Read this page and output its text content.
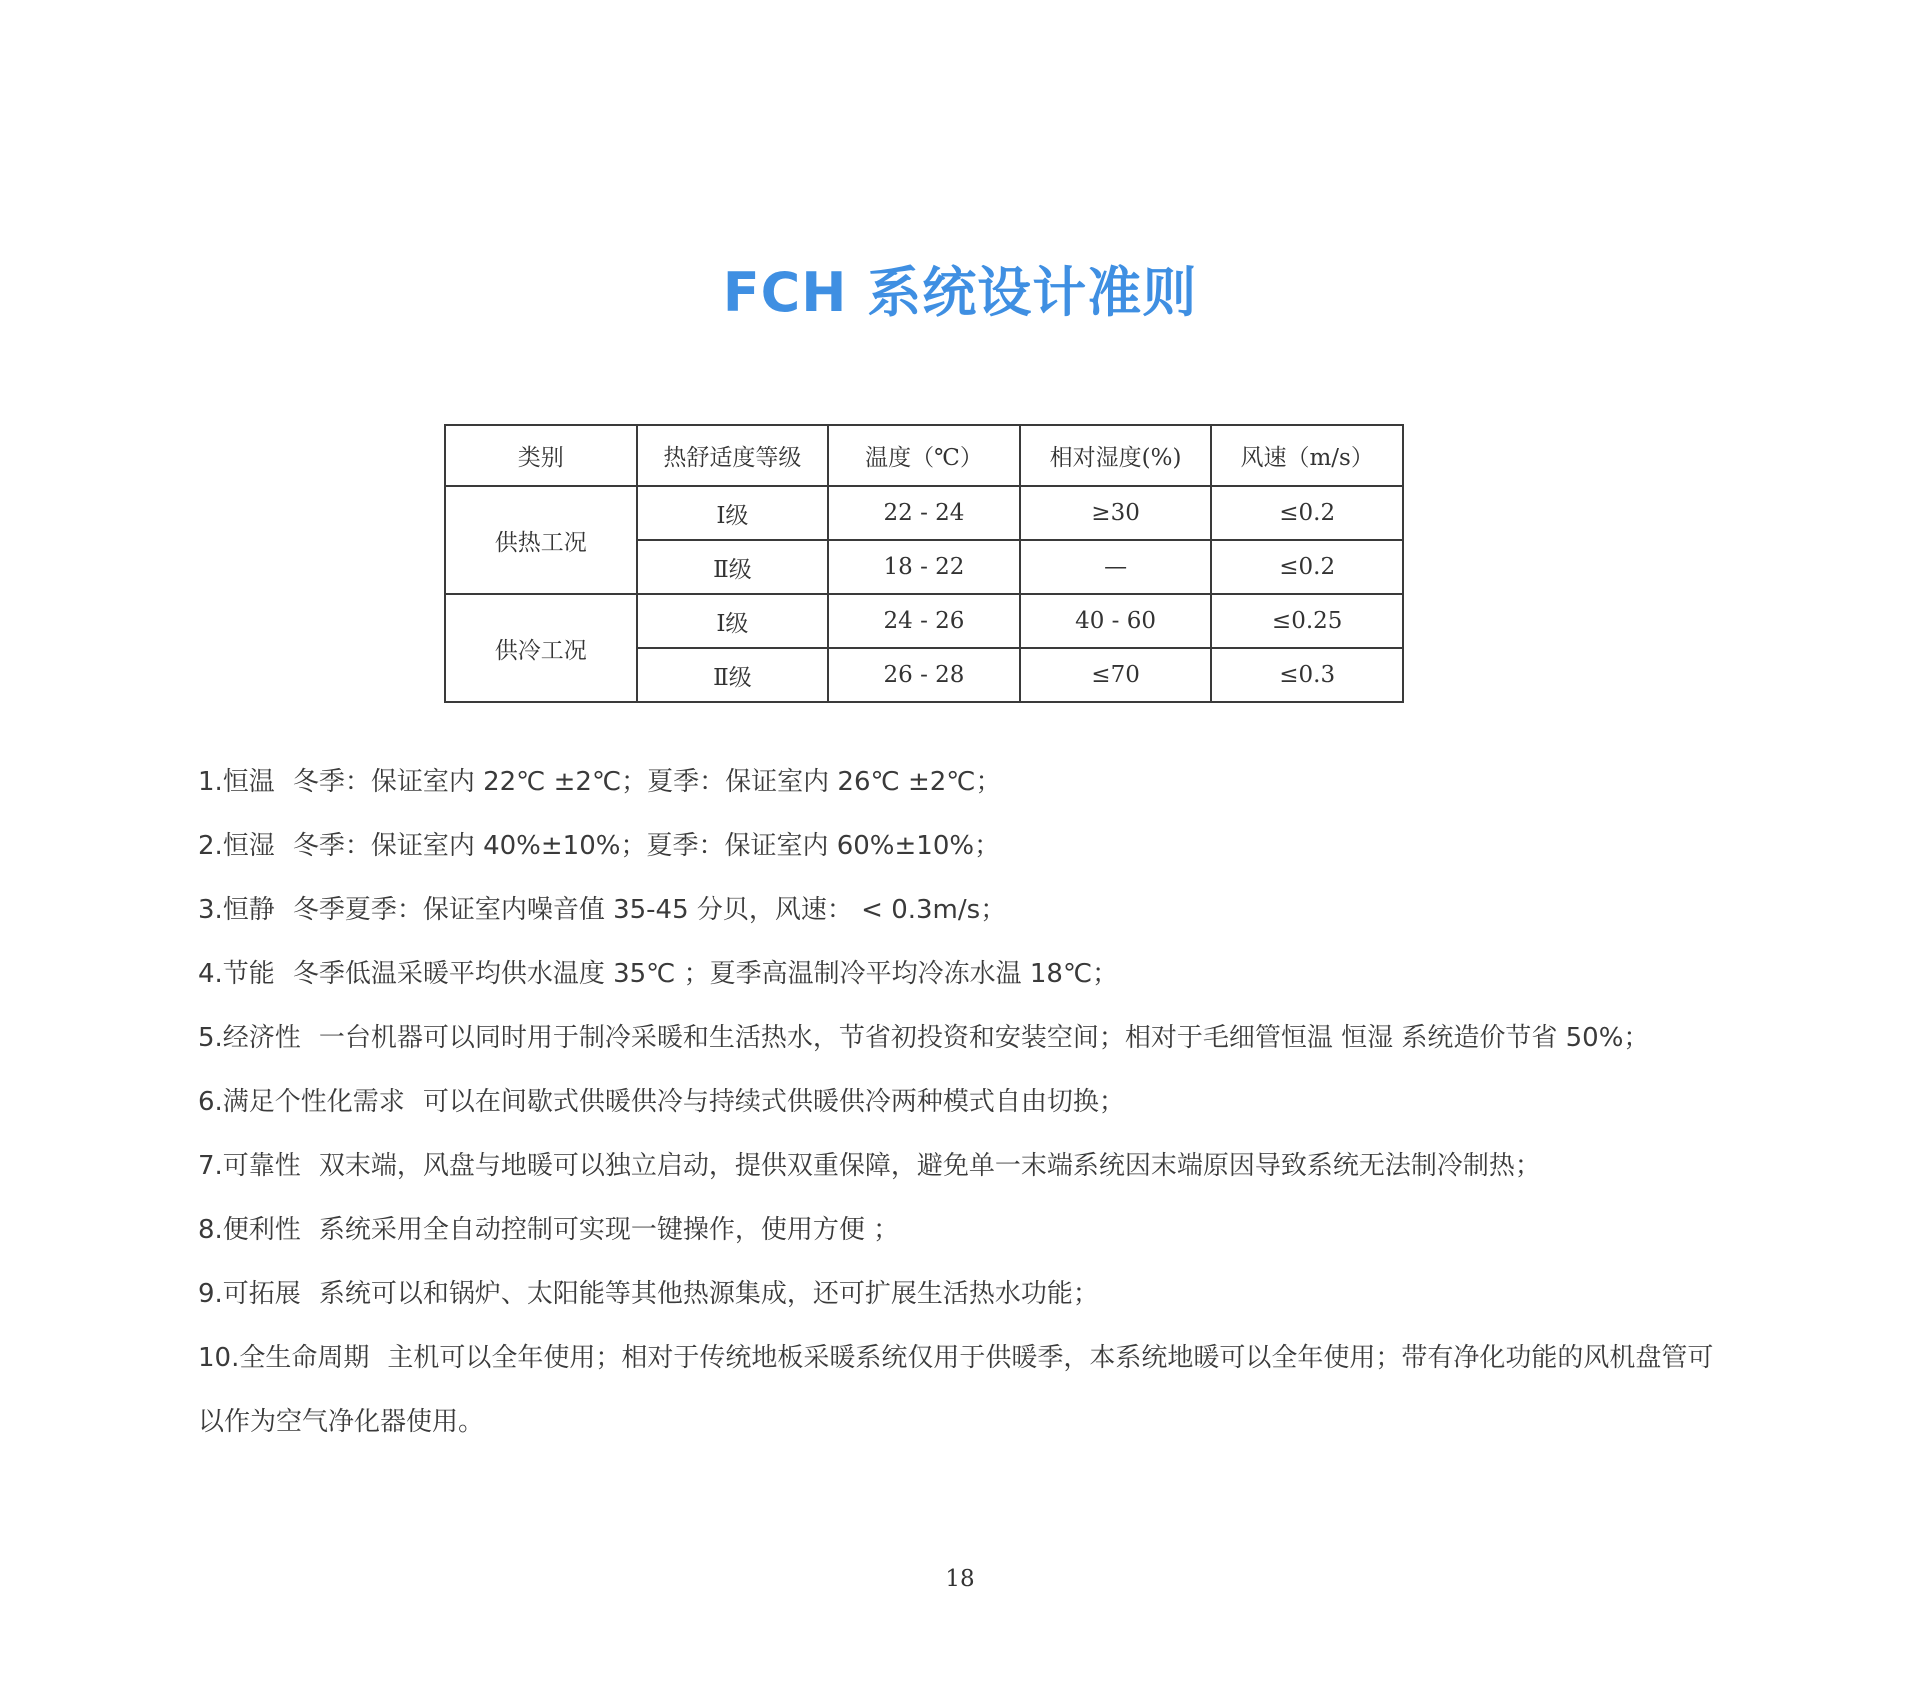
FCH 系统设计准则
类别	热舒适度等级	温度（℃）	相对湿度(%)	风速（m/s）
供热工况	Ⅰ级	22 - 24	≥30	≤0.2
	Ⅱ级	18 - 22	—	≤0.2
供冷工况	Ⅰ级	24 - 26	40 - 60	≤0.25
	Ⅱ级	26 - 28	≤70	≤0.3
1.恒温 冬季：保证室内 22℃ ±2℃；夏季：保证室内 26℃ ±2℃；
2.恒湿 冬季：保证室内 40%±10%；夏季：保证室内 60%±10%；
3.恒静 冬季夏季：保证室内噪音值 35-45 分贝，风速： < 0.3m/s；
4.节能 冬季低温采暖平均供水温度 35℃ ；夏季高温制冷平均冷冻水温 18℃；
5.经济性 一台机器可以同时用于制冷采暖和生活热水，节省初投资和安装空间；相对于毛细管恒温 恒湿 系统造价节省 50%；
6.满足个性化需求 可以在间歇式供暖供冷与持续式供暖供冷两种模式自由切换；
7.可靠性 双末端，风盘与地暖可以独立启动，提供双重保障，避免单一末端系统因末端原因导致系统无法制冷制热；
8.便利性 系统采用全自动控制可实现一键操作，使用方便 ；
9.可拓展 系统可以和锅炉、太阳能等其他热源集成，还可扩展生活热水功能；
10.全生命周期 主机可以全年使用；相对于传统地板采暖系统仅用于供暖季，本系统地暖可以全年使用；带有净化功能的风机盘管可以作为空气净化器使用。
18
